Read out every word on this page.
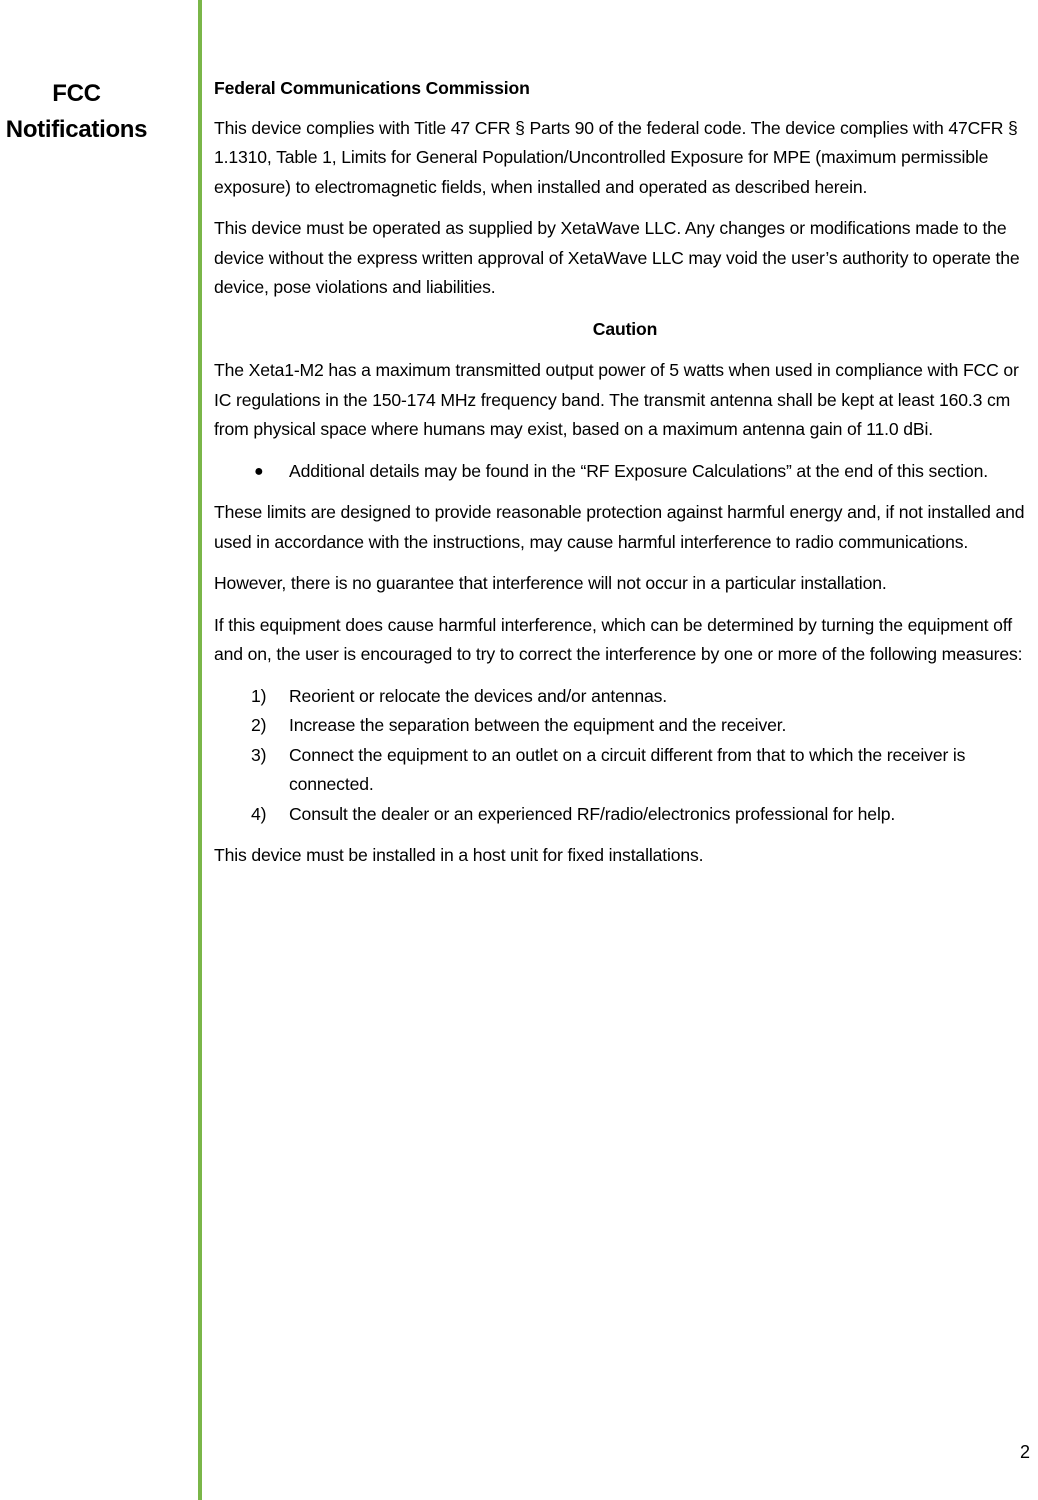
FCC
Notifications

Federal Communications Commission

This device complies with Title 47 CFR § Parts 90 of the federal code. The device complies with 47CFR § 1.1310, Table 1, Limits for General Population/Uncontrolled Exposure for MPE (maximum permissible exposure) to electromagnetic fields, when installed and operated as described herein.

This device must be operated as supplied by XetaWave LLC. Any changes or modifications made to the device without the express written approval of XetaWave LLC may void the user’s authority to operate the device, pose violations and liabilities.

Caution

The Xeta1-M2 has a maximum transmitted output power of 5 watts when used in compliance with FCC or IC regulations in the 150-174 MHz frequency band. The transmit antenna shall be kept at least 160.3 cm from physical space where humans may exist, based on a maximum antenna gain of 11.0 dBi.

● Additional details may be found in the “RF Exposure Calculations” at the end of this section.

These limits are designed to provide reasonable protection against harmful energy and, if not installed and used in accordance with the instructions, may cause harmful interference to radio communications.

However, there is no guarantee that interference will not occur in a particular installation.

If this equipment does cause harmful interference, which can be determined by turning the equipment off and on, the user is encouraged to try to correct the interference by one or more of the following measures:

1) Reorient or relocate the devices and/or antennas.
2) Increase the separation between the equipment and the receiver.
3) Connect the equipment to an outlet on a circuit different from that to which the receiver is connected.
4) Consult the dealer or an experienced RF/radio/electronics professional for help.

This device must be installed in a host unit for fixed installations.

2
